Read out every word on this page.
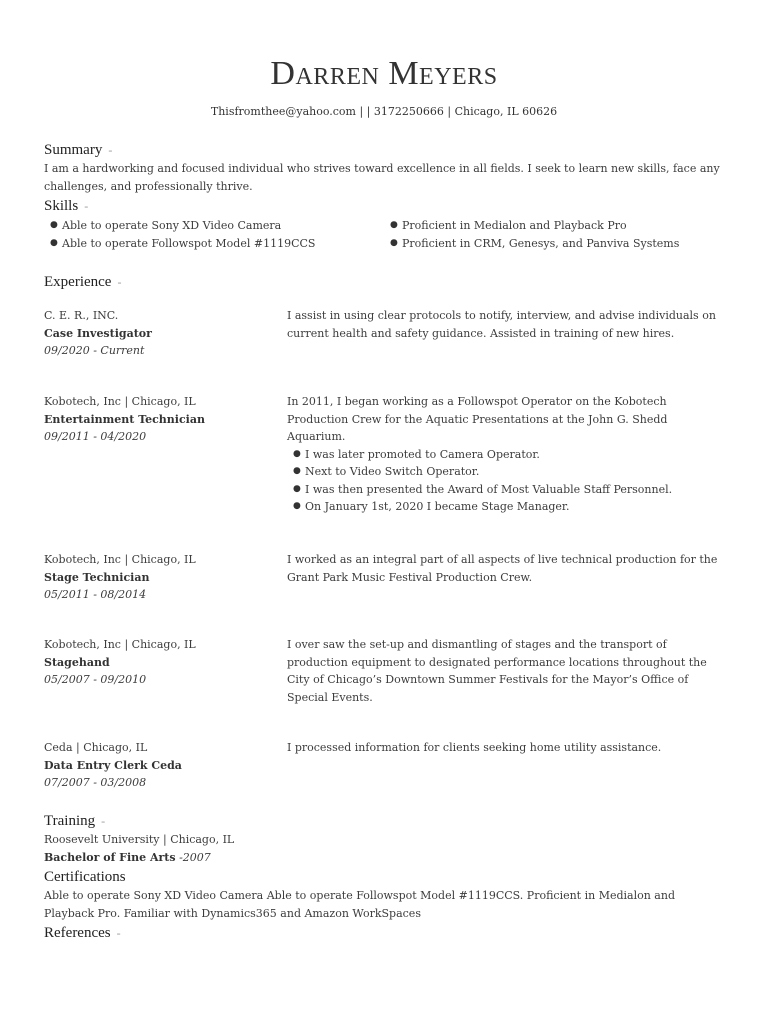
Darren Meyers
Thisfromthee@yahoo.com | | 3172250666 | Chicago, IL 60626
Summary -

I am a hardworking and focused individual who strives toward excellence in all fields. I seek to learn new skills, face any challenges, and professionally thrive.

Skills -
● Able to operate Sony XD Video Camera
● Able to operate Followspot Model #1119CCS
● Proficient in Medialon and Playback Pro
● Proficient in CRM, Genesys, and Panviva Systems
Experience -
C. E. R., INC.
Case Investigator
09/2020 - Current

I assist in using clear protocols to notify, interview, and advise individuals on current health and safety guidance. Assisted in training of new hires.

Kobotech, Inc | Chicago, IL
Entertainment Technician
09/2011 - 04/2020

In 2011, I began working as a Followspot Operator on the Kobotech Production Crew for the Aquatic Presentations at the John G. Shedd Aquarium.

● I was later promoted to Camera Operator.
● Next to Video Switch Operator.
● I was then presented the Award of Most Valuable Staff Personnel.
● On January 1st, 2020 I became Stage Manager.
Kobotech, Inc | Chicago, IL
Stage Technician
05/2011 - 08/2014

I worked as an integral part of all aspects of live technical production for the Grant Park Music Festival Production Crew.

Kobotech, Inc | Chicago, IL
Stagehand
05/2007 - 09/2010

I over saw the set-up and dismantling of stages and the transport of production equipment to designated performance locations throughout the City of Chicago’s Downtown Summer Festivals for the Mayor’s Office of Special Events.

Ceda | Chicago, IL
Data Entry Clerk Ceda
07/2007 - 03/2008

I processed information for clients seeking home utility assistance.

Training -
Roosevelt University | Chicago, IL
Bachelor of Fine Arts -2007
Certifications

Able to operate Sony XD Video Camera Able to operate Followspot Model #1119CCS. Proficient in Medialon and Playback Pro. Familiar with Dynamics365 and Amazon WorkSpaces

References -
